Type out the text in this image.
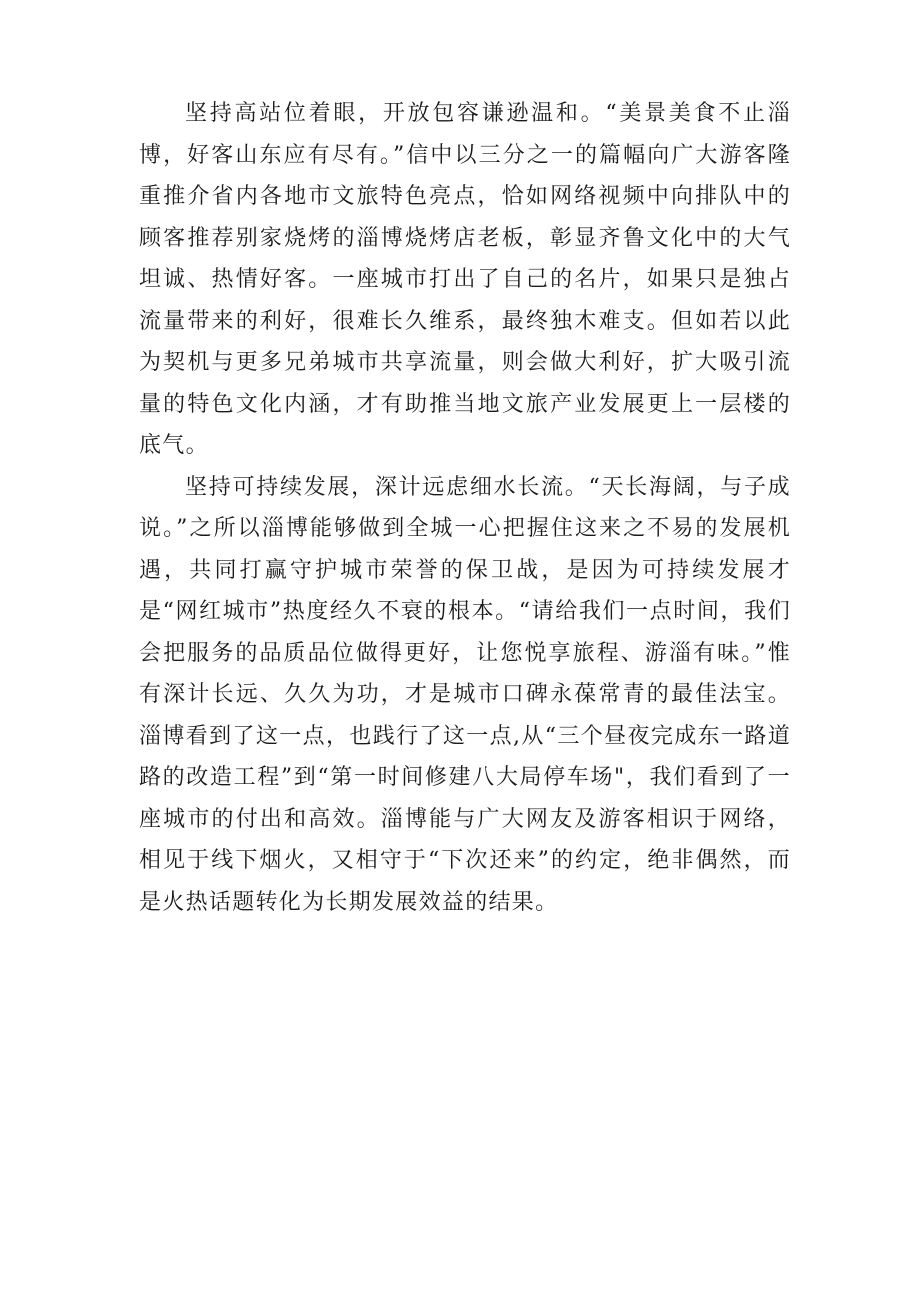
坚持高站位着眼，开放包容谦逊温和。“美景美食不止淄博，好客山东应有尽有。”信中以三分之一的篇幅向广大游客隆重推介省内各地市文旅特色亮点，恰如网络视频中向排队中的顾客推荐别家烧烤的淄博烧烤店老板，彰显齐鲁文化中的大气坦诚、热情好客。一座城市打出了自己的名片，如果只是独占流量带来的利好，很难长久维系，最终独木难支。但如若以此为契机与更多兄弟城市共享流量，则会做大利好，扩大吸引流量的特色文化内涵，才有助推当地文旅产业发展更上一层楼的底气。

坚持可持续发展，深计远虑细水长流。“天长海阔，与子成说。”之所以淄博能够做到全城一心把握住这来之不易的发展机遇，共同打赢守护城市荣誉的保卫战，是因为可持续发展才是“网红城市”热度经久不衰的根本。“请给我们一点时间，我们会把服务的品质品位做得更好，让您悦享旅程、游淄有味。”惟有深计长远、久久为功，才是城市口碑永葆常青的最佳法宝。淄博看到了这一点，也践行了这一点,从“三个昼夜完成东一路道路的改造工程”到“第一时间修建八大局停车场"，我们看到了一座城市的付出和高效。淄博能与广大网友及游客相识于网络，相见于线下烟火，又相守于“下次还来”的约定，绝非偶然，而是火热话题转化为长期发展效益的结果。
